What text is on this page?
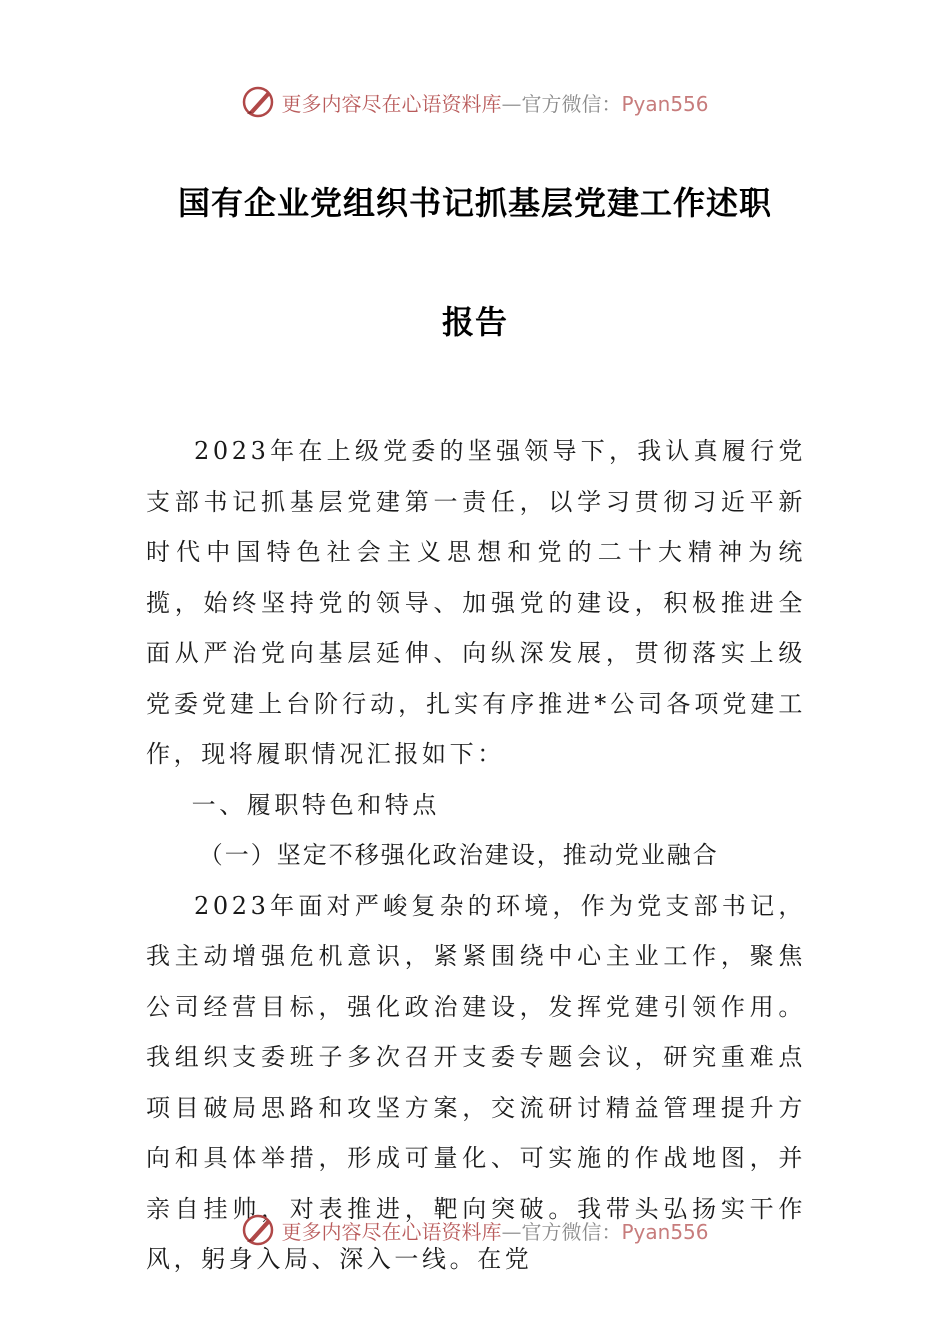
更多内容尽在心语资料库—官方微信：Pyan556
国有企业党组织书记抓基层党建工作述职
报告

2023年在上级党委的坚强领导下，我认真履行党支部书记抓基层党建第一责任，以学习贯彻习近平新时代中国特色社会主义思想和党的二十大精神为统揽，始终坚持党的领导、加强党的建设，积极推进全面从严治党向基层延伸、向纵深发展，贯彻落实上级党委党建上台阶行动，扎实有序推进*公司各项党建工作，现将履职情况汇报如下：

一、履职特色和特点

（一）坚定不移强化政治建设，推动党业融合

2023年面对严峻复杂的环境，作为党支部书记，我主动增强危机意识，紧紧围绕中心主业工作，聚焦公司经营目标，强化政治建设，发挥党建引领作用。我组织支委班子多次召开支委专题会议，研究重难点项目破局思路和攻坚方案，交流研讨精益管理提升方向和具体举措，形成可量化、可实施的作战地图，并亲自挂帅，对表推进，靶向突破。我带头弘扬实干作风，躬身入局、深入一线。在党

更多内容尽在心语资料库—官方微信：Pyan556
